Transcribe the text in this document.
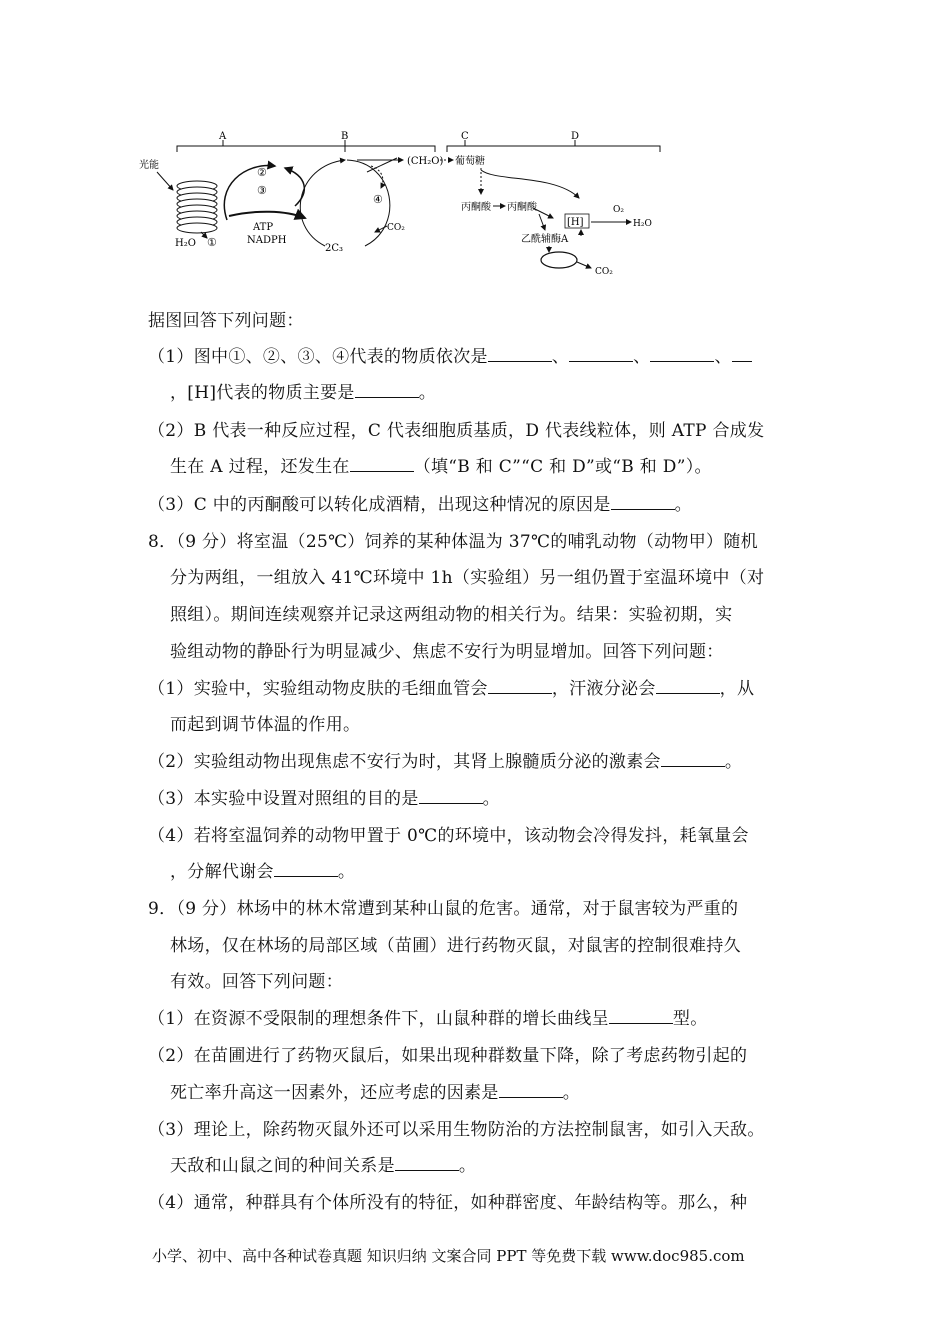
A	B	C	D
光能
H₂O ①
②
③
ATP
NADPH
④
CO₂
2C₃
(CH₂O) 葡萄糖
丙酮酸 丙酮酸
[H]
O₂
H₂O
乙酰辅酶A
CO₂
据图回答下列问题：
（1）图中①、②、③、④代表的物质依次是	、	、	、
，[H]代表的物质主要是	。
（2）B 代表一种反应过程，C 代表细胞质基质，D 代表线粒体，则 ATP 合成发
生在 A 过程，还发生在	（填“B 和 C”“C 和 D”或“B 和 D”）。
（3）C 中的丙酮酸可以转化成酒精，出现这种情况的原因是	。
8．（9 分）将室温（25℃）饲养的某种体温为 37℃的哺乳动物（动物甲）随机
分为两组，一组放入 41℃环境中 1h（实验组）另一组仍置于室温环境中（对
照组）。期间连续观察并记录这两组动物的相关行为。结果：实验初期，实
验组动物的静卧行为明显减少、焦虑不安行为明显增加。回答下列问题：
（1）实验中，实验组动物皮肤的毛细血管会	，汗液分泌会	，从
而起到调节体温的作用。
（2）实验组动物出现焦虑不安行为时，其肾上腺髓质分泌的激素会	。
（3）本实验中设置对照组的目的是	。
（4）若将室温饲养的动物甲置于 0℃的环境中，该动物会冷得发抖，耗氧量会
，分解代谢会	。
9．（9 分）林场中的林木常遭到某种山鼠的危害。通常，对于鼠害较为严重的
林场，仅在林场的局部区域（苗圃）进行药物灭鼠，对鼠害的控制很难持久
有效。回答下列问题：
（1）在资源不受限制的理想条件下，山鼠种群的增长曲线呈	型。
（2）在苗圃进行了药物灭鼠后，如果出现种群数量下降，除了考虑药物引起的
死亡率升高这一因素外，还应考虑的因素是	。
（3）理论上，除药物灭鼠外还可以采用生物防治的方法控制鼠害，如引入天敌。
天敌和山鼠之间的种间关系是	。
（4）通常，种群具有个体所没有的特征，如种群密度、年龄结构等。那么，种
小学、初中、高中各种试卷真题 知识归纳 文案合同 PPT 等免费下载 www.doc985.com
